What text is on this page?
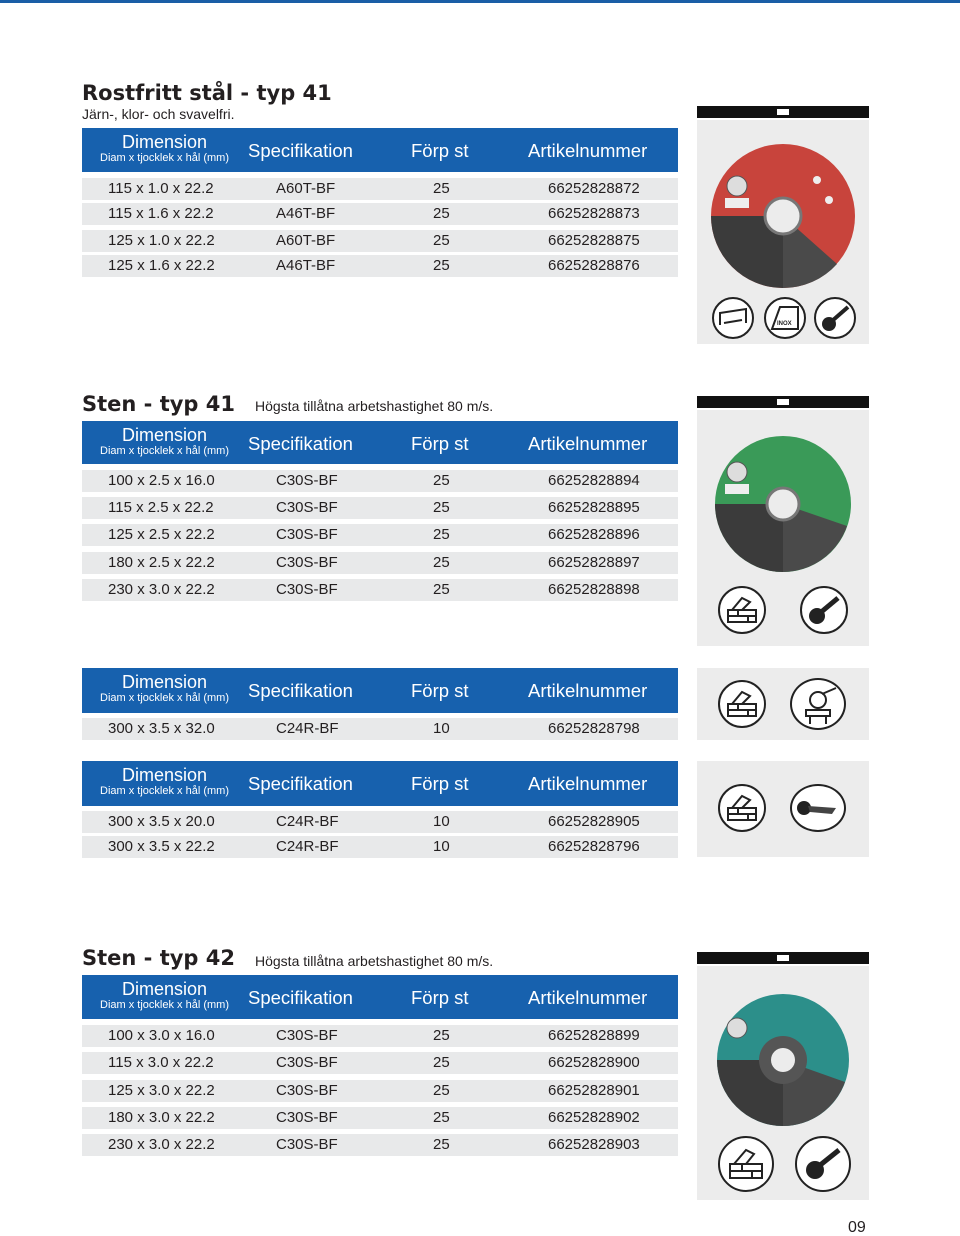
Rostfritt stål - typ 41
Järn-, klor- och svavelfri.
Dimension
Diam x tjocklek x hål (mm)	Specifikation	Förp st	Artikelnummer
115 x 1.0 x 22.2	A60T-BF	25	66252828872
115 x 1.6 x 22.2	A46T-BF	25	66252828873
125 x 1.0 x 22.2	A60T-BF	25	66252828875
125 x 1.6 x 22.2	A46T-BF	25	66252828876
INOX
Sten - typ 41 Högsta tillåtna arbetshastighet 80 m/s.
Dimension
Diam x tjocklek x hål (mm)	Specifikation	Förp st	Artikelnummer
100 x 2.5 x 16.0	C30S-BF	25	66252828894
115 x 2.5 x 22.2	C30S-BF	25	66252828895
125 x 2.5 x 22.2	C30S-BF	25	66252828896
180 x 2.5 x 22.2	C30S-BF	25	66252828897
230 x 3.0 x 22.2	C30S-BF	25	66252828898
Dimension
Diam x tjocklek x hål (mm)	Specifikation	Förp st	Artikelnummer
300 x 3.5 x 32.0	C24R-BF	10	66252828798
Dimension
Diam x tjocklek x hål (mm)	Specifikation	Förp st	Artikelnummer
300 x 3.5 x 20.0	C24R-BF	10	66252828905
300 x 3.5 x 22.2	C24R-BF	10	66252828796
Sten - typ 42 Högsta tillåtna arbetshastighet 80 m/s.
Dimension
Diam x tjocklek x hål (mm)	Specifikation	Förp st	Artikelnummer
100 x 3.0 x 16.0	C30S-BF	25	66252828899
115 x 3.0 x 22.2	C30S-BF	25	66252828900
125 x 3.0 x 22.2	C30S-BF	25	66252828901
180 x 3.0 x 22.2	C30S-BF	25	66252828902
230 x 3.0 x 22.2	C30S-BF	25	66252828903
09
